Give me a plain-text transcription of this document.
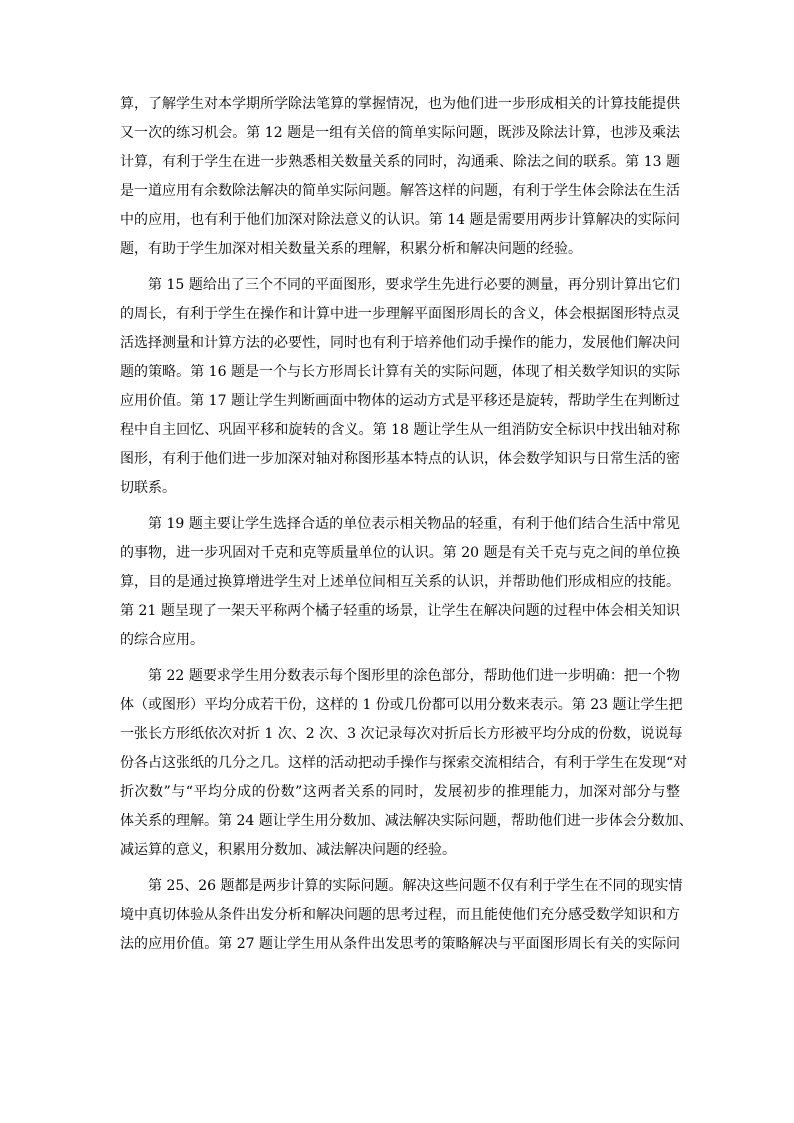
算，了解学生对本学期所学除法笔算的掌握情况，也为他们进一步形成相关的计算技能提供
又一次的练习机会。第 12 题是一组有关倍的简单实际问题，既涉及除法计算，也涉及乘法
计算，有利于学生在进一步熟悉相关数量关系的同时，沟通乘、除法之间的联系。第 13 题
是一道应用有余数除法解决的简单实际问题。解答这样的问题，有利于学生体会除法在生活
中的应用，也有利于他们加深对除法意义的认识。第 14 题是需要用两步计算解决的实际问
题，有助于学生加深对相关数量关系的理解，积累分析和解决问题的经验。
第 15 题给出了三个不同的平面图形，要求学生先进行必要的测量，再分别计算出它们
的周长，有利于学生在操作和计算中进一步理解平面图形周长的含义，体会根据图形特点灵
活选择测量和计算方法的必要性，同时也有利于培养他们动手操作的能力，发展他们解决问
题的策略。第 16 题是一个与长方形周长计算有关的实际问题，体现了相关数学知识的实际
应用价值。第 17 题让学生判断画面中物体的运动方式是平移还是旋转，帮助学生在判断过
程中自主回忆、巩固平移和旋转的含义。第 18 题让学生从一组消防安全标识中找出轴对称
图形，有利于他们进一步加深对轴对称图形基本特点的认识，体会数学知识与日常生活的密
切联系。
第 19 题主要让学生选择合适的单位表示相关物品的轻重，有利于他们结合生活中常见
的事物，进一步巩固对千克和克等质量单位的认识。第 20 题是有关千克与克之间的单位换
算，目的是通过换算增进学生对上述单位间相互关系的认识，并帮助他们形成相应的技能。
第 21 题呈现了一架天平称两个橘子轻重的场景，让学生在解决问题的过程中体会相关知识
的综合应用。
第 22 题要求学生用分数表示每个图形里的涂色部分，帮助他们进一步明确：把一个物
体（或图形）平均分成若干份，这样的 1 份或几份都可以用分数来表示。第 23 题让学生把
一张长方形纸依次对折 1 次、2 次、3 次记录每次对折后长方形被平均分成的份数，说说每
份各占这张纸的几分之几。这样的活动把动手操作与探索交流相结合，有利于学生在发现“对
折次数”与“平均分成的份数”这两者关系的同时，发展初步的推理能力，加深对部分与整
体关系的理解。第 24 题让学生用分数加、减法解决实际问题，帮助他们进一步体会分数加、
减运算的意义，积累用分数加、减法解决问题的经验。
第 25、26 题都是两步计算的实际问题。解决这些问题不仅有利于学生在不同的现实情
境中真切体验从条件出发分析和解决问题的思考过程，而且能使他们充分感受数学知识和方
法的应用价值。第 27 题让学生用从条件出发思考的策略解决与平面图形周长有关的实际问
